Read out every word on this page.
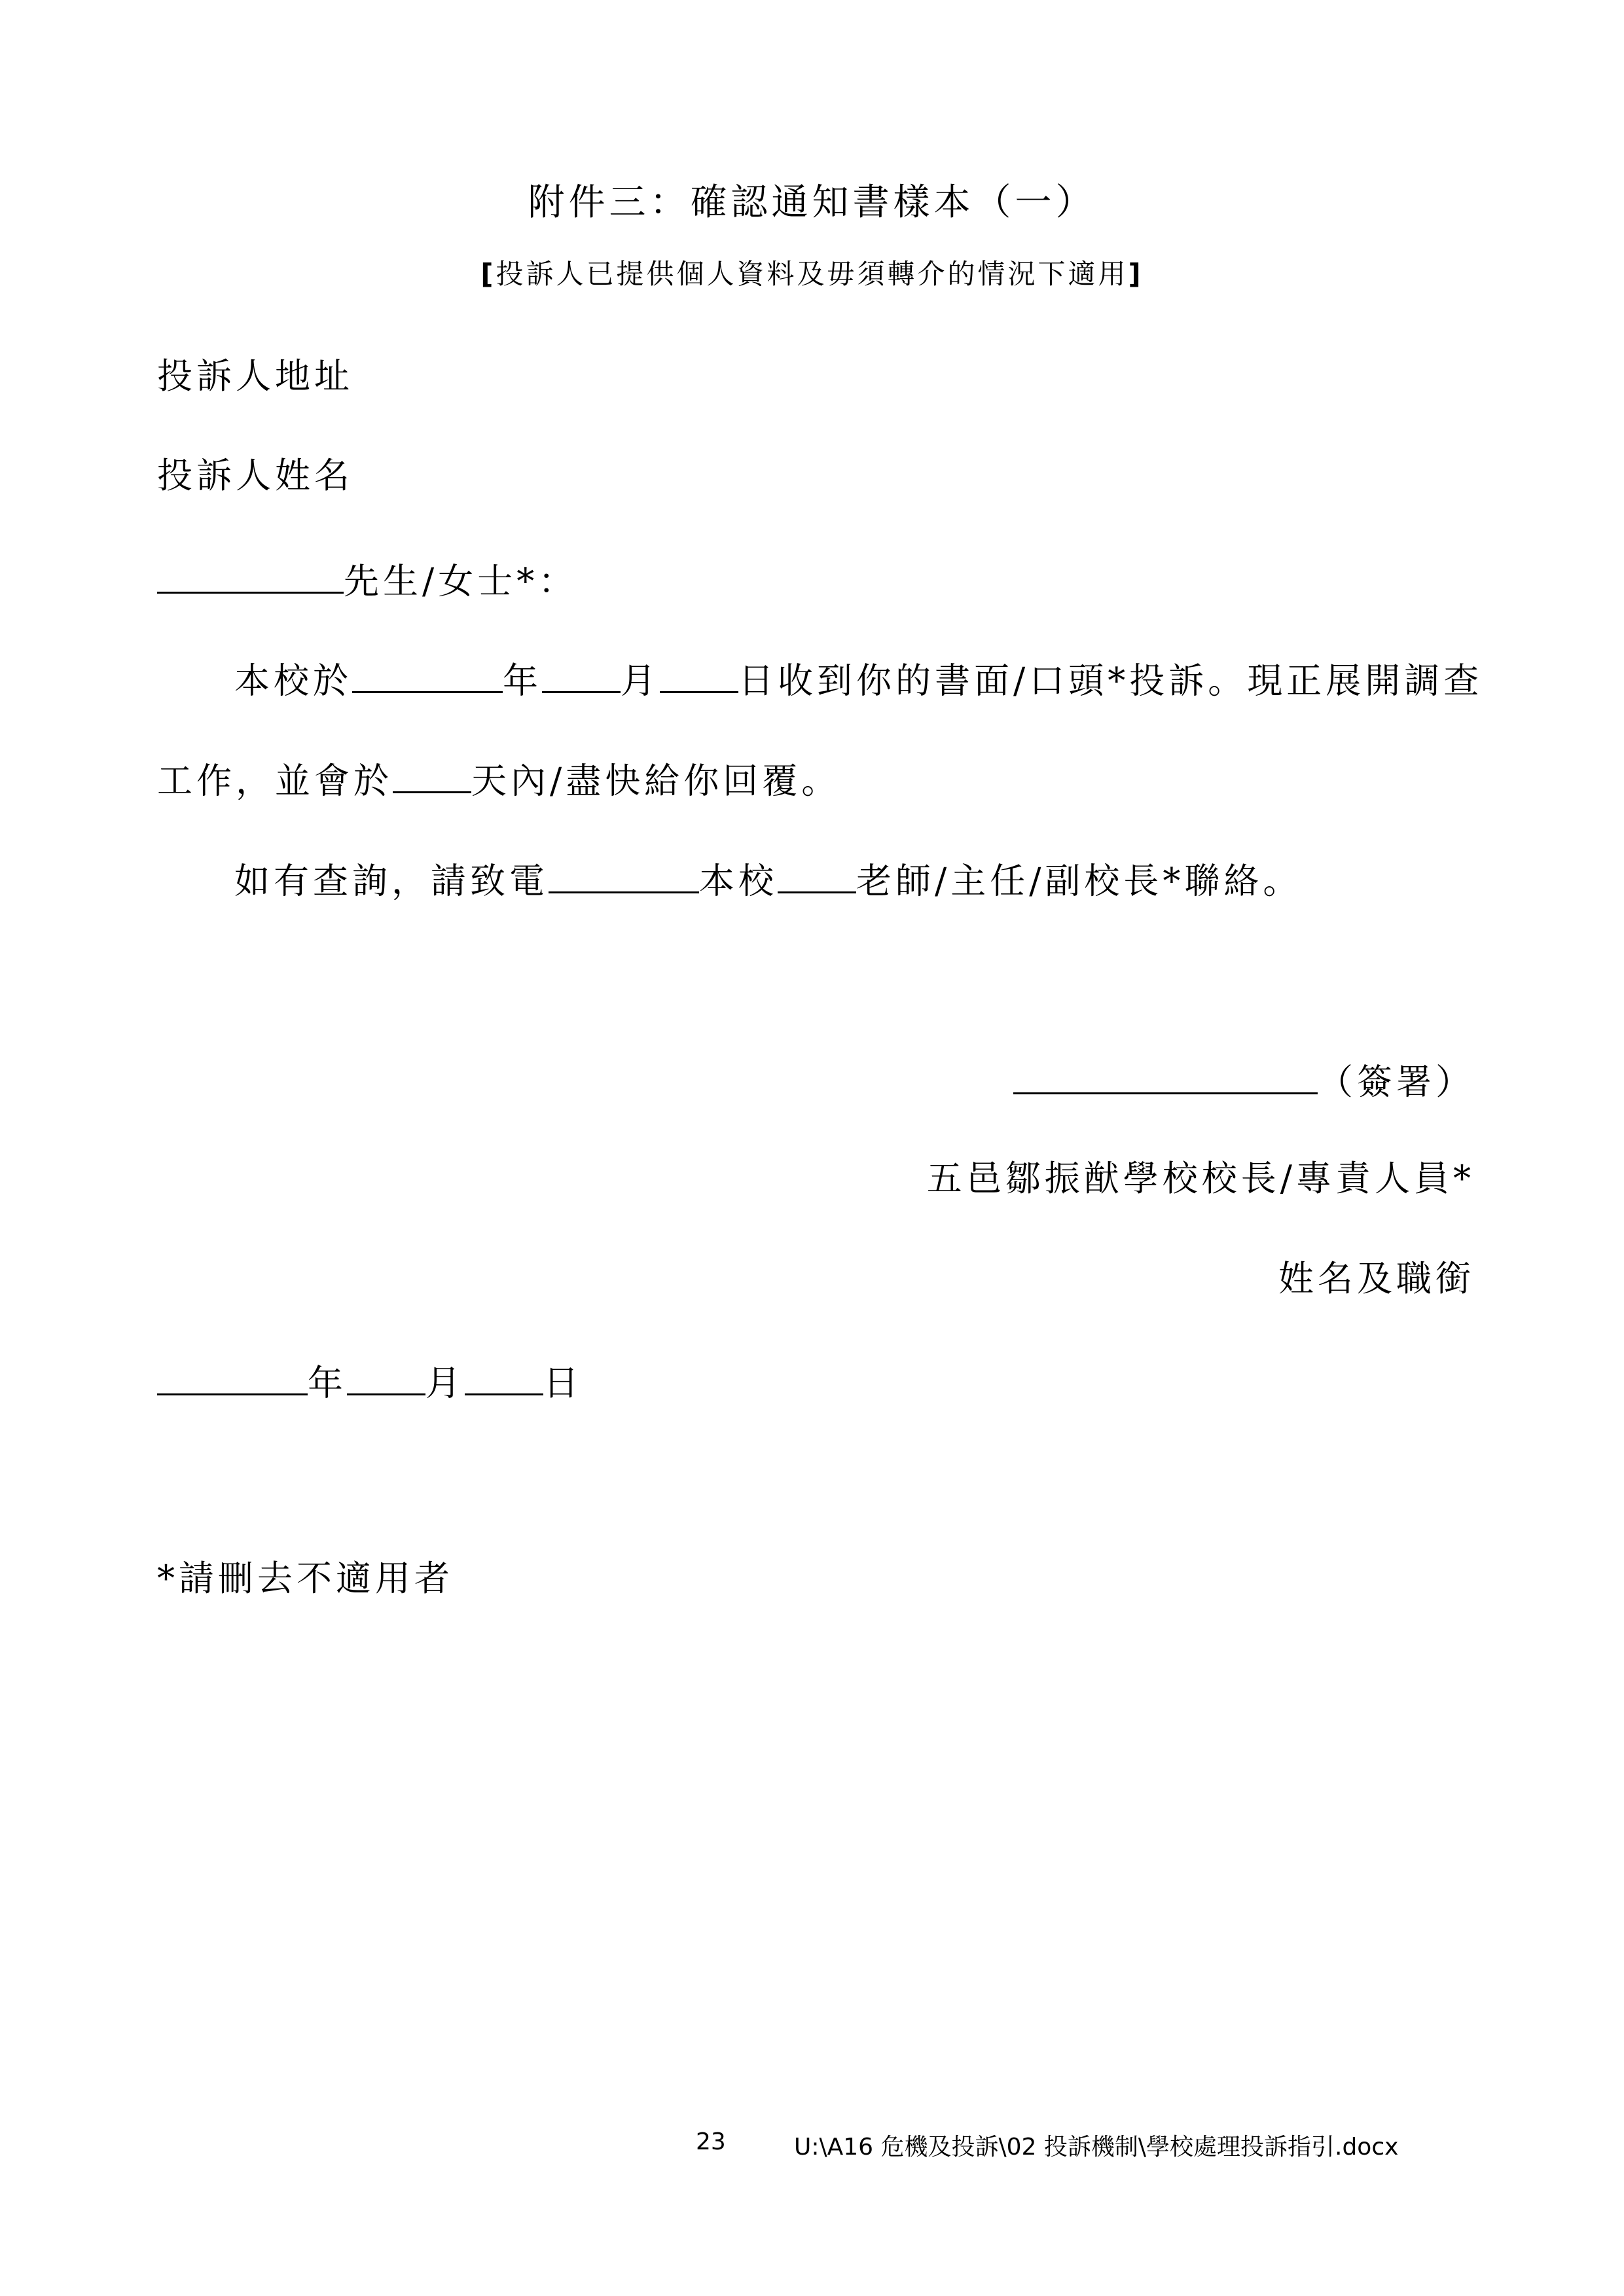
附件三：確認通知書樣本（一）
[投訴人已提供個人資料及毋須轉介的情況下適用]
投訴人地址
投訴人姓名
先生/女士*：
本校於	年 月 日收到你的書面/口頭*投訴。現正展開調查
工作，並會於 天內/盡快給你回覆。
如有查詢，請致電	本校 老師/主任/副校長*聯絡。
（簽署）
五邑鄒振猷學校校長/專責人員*
姓名及職銜
年 月 日
*請刪去不適用者
23	U:\A16 危機及投訴\02 投訴機制\學校處理投訴指引.docx
